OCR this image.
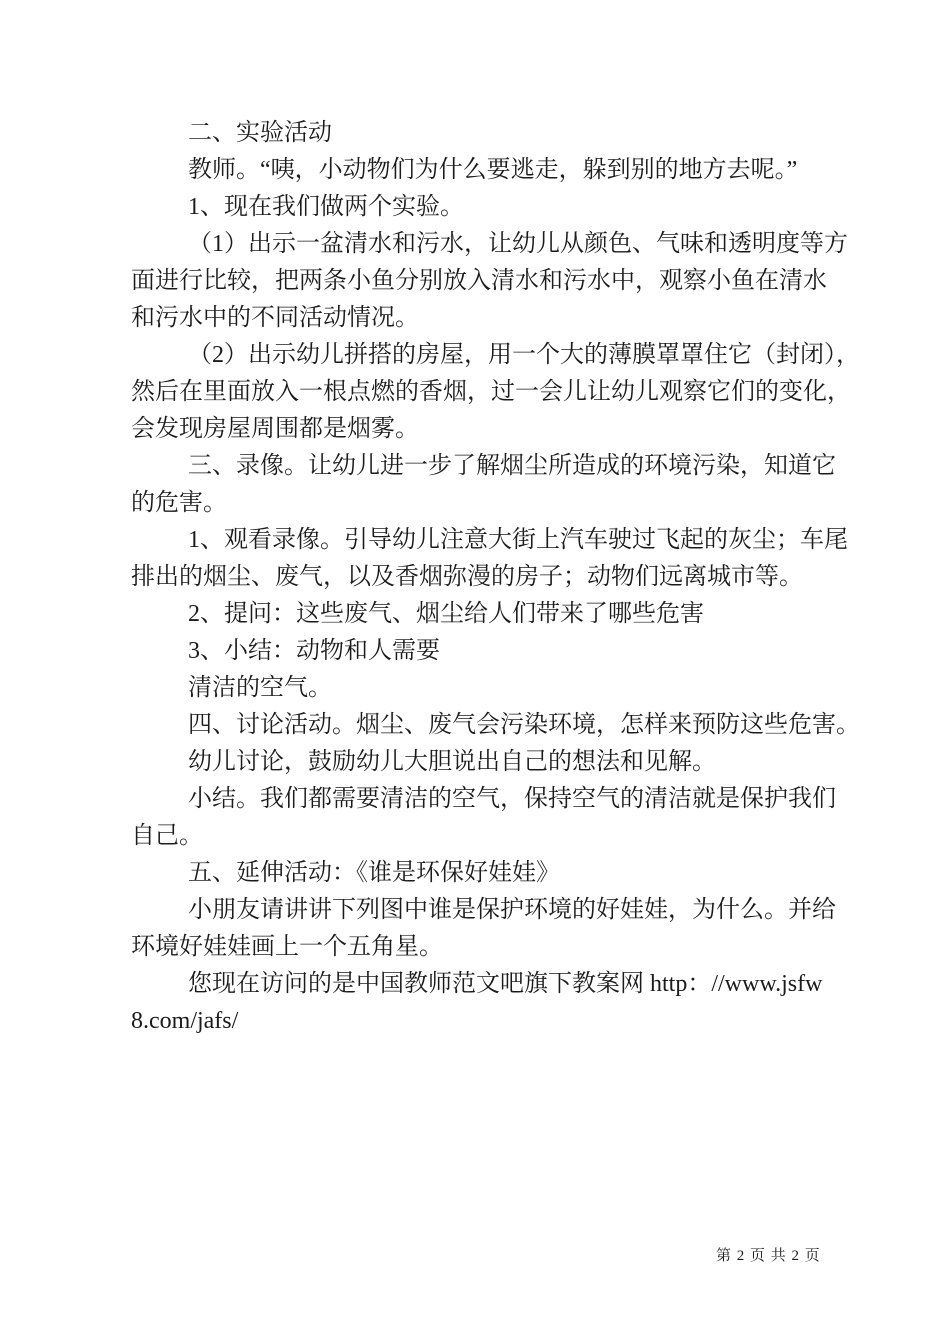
二、实验活动

教师。“咦，小动物们为什么要逃走，躲到别的地方去呢。”

1、现在我们做两个实验。

（1）出示一盆清水和污水，让幼儿从颜色、气味和透明度等方
面进行比较，把两条小鱼分别放入清水和污水中，观察小鱼在清水
和污水中的不同活动情况。

（2）出示幼儿拼搭的房屋，用一个大的薄膜罩罩住它（封闭），
然后在里面放入一根点燃的香烟，过一会儿让幼儿观察它们的变化，
会发现房屋周围都是烟雾。

三、录像。让幼儿进一步了解烟尘所造成的环境污染，知道它
的危害。

1、观看录像。引导幼儿注意大街上汽车驶过飞起的灰尘；车尾
排出的烟尘、废气，以及香烟弥漫的房子；动物们远离城市等。

2、提问：这些废气、烟尘给人们带来了哪些危害

3、小结：动物和人需要

清洁的空气。

四、讨论活动。烟尘、废气会污染环境，怎样来预防这些危害。

幼儿讨论，鼓励幼儿大胆说出自己的想法和见解。

小结。我们都需要清洁的空气，保持空气的清洁就是保护我们
自己。

五、延伸活动：《谁是环保好娃娃》

小朋友请讲讲下列图中谁是保护环境的好娃娃，为什么。并给
环境好娃娃画上一个五角星。

您现在访问的是中国教师范文吧旗下教案网 http：//www.jsfw
8.com/jafs/

第 2 页 共 2 页
